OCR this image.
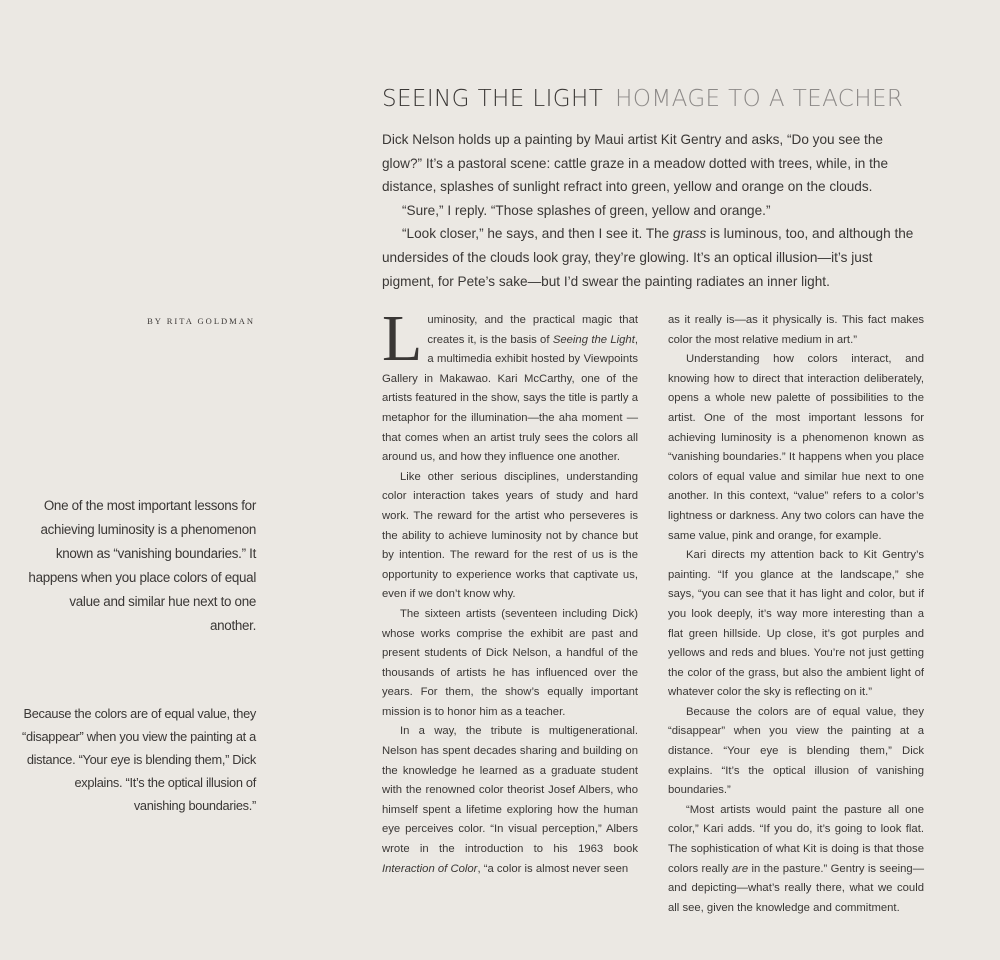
SEEING THE LIGHT HOMAGE TO A TEACHER

Dick Nelson holds up a painting by Maui artist Kit Gentry and asks, “Do you see the glow?” It’s a pastoral scene: cattle graze in a meadow dotted with trees, while, in the distance, splashes of sunlight refract into green, yellow and orange on the clouds.

“Sure,” I reply. “Those splashes of green, yellow and orange.”

“Look closer,” he says, and then I see it. The grass is luminous, too, and although the undersides of the clouds look gray, they’re glowing. It’s an optical illusion—it’s just pigment, for Pete’s sake—but I’d swear the painting radiates an inner light.

BY RITA GOLDMAN
One of the most important lessons for achieving luminosity is a phenomenon known as “vanishing boundaries.” It happens when you place colors of equal value and similar hue next to one another.
Because the colors are of equal value, they “disappear” when you view the painting at a distance. “Your eye is blending them,” Dick explains. “It’s the optical illusion of vanishing boundaries.”

Luminosity, and the practical magic that creates it, is the basis of Seeing the Light, a multimedia exhibit hosted by Viewpoints Gallery in Makawao. Kari McCarthy, one of the artists featured in the show, says the title is partly a metaphor for the illumination—the aha moment —that comes when an artist truly sees the colors all around us, and how they influence one another.

Like other serious disciplines, understanding color interaction takes years of study and hard work. The reward for the artist who perseveres is the ability to achieve luminosity not by chance but by intention. The reward for the rest of us is the opportunity to experience works that captivate us, even if we don’t know why.

The sixteen artists (seventeen including Dick) whose works comprise the exhibit are past and present students of Dick Nelson, a handful of the thousands of artists he has influenced over the years. For them, the show’s equally important mission is to honor him as a teacher.

In a way, the tribute is multigenerational. Nelson has spent decades sharing and building on the knowledge he learned as a graduate student with the renowned color theorist Josef Albers, who himself spent a lifetime exploring how the human eye perceives color. “In visual perception,” Albers wrote in the introduction to his 1963 book Interaction of Color, “a color is almost never seen

as it really is—as it physically is. This fact makes color the most relative medium in art.”

Understanding how colors interact, and knowing how to direct that interaction deliberately, opens a whole new palette of possibilities to the artist. One of the most important lessons for achieving luminosity is a phenomenon known as “vanishing boundaries.” It happens when you place colors of equal value and similar hue next to one another. In this context, “value” refers to a color’s lightness or darkness. Any two colors can have the same value, pink and orange, for example.

Kari directs my attention back to Kit Gentry’s painting. “If you glance at the landscape,” she says, “you can see that it has light and color, but if you look deeply, it’s way more interesting than a flat green hillside. Up close, it’s got purples and yellows and reds and blues. You’re not just getting the color of the grass, but also the ambient light of whatever color the sky is reflecting on it.”

Because the colors are of equal value, they “disappear” when you view the painting at a distance. “Your eye is blending them,” Dick explains. “It’s the optical illusion of vanishing boundaries.”

“Most artists would paint the pasture all one color,” Kari adds. “If you do, it’s going to look flat. The sophistication of what Kit is doing is that those colors really are in the pasture.” Gentry is seeing—and depicting—what’s really there, what we could all see, given the knowledge and commitment.
